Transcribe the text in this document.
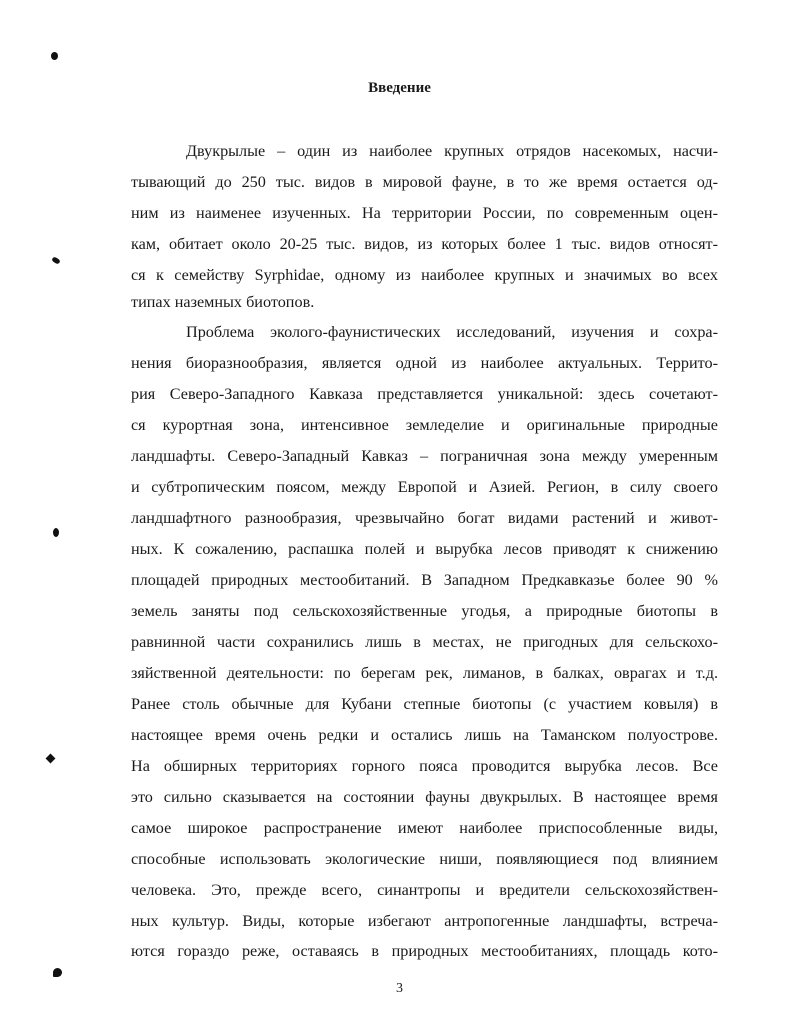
Введение
Двукрылые – один из наиболее крупных отрядов насекомых, насчи-
тывающий до 250 тыс. видов в мировой фауне, в то же время остается од-
ним из наименее изученных. На территории России, по современным оцен-
кам, обитает около 20-25 тыс. видов, из которых более 1 тыс. видов относят-
ся к семейству Syrphidae, одному из наиболее крупных и значимых во всех
типах наземных биотопов.
Проблема эколого-фаунистических исследований, изучения и сохра-
нения биоразнообразия, является одной из наиболее актуальных. Террито-
рия Северо-Западного Кавказа представляется уникальной: здесь сочетают-
ся курортная зона, интенсивное земледелие и оригинальные природные
ландшафты. Северо-Западный Кавказ – пограничная зона между умеренным
и субтропическим поясом, между Европой и Азией. Регион, в силу своего
ландшафтного разнообразия, чрезвычайно богат видами растений и живот-
ных. К сожалению, распашка полей и вырубка лесов приводят к снижению
площадей природных местообитаний. В Западном Предкавказье более 90 %
земель заняты под сельскохозяйственные угодья, а природные биотопы в
равнинной части сохранились лишь в местах, не пригодных для сельскохо-
зяйственной деятельности: по берегам рек, лиманов, в балках, оврагах и т.д.
Ранее столь обычные для Кубани степные биотопы (с участием ковыля) в
настоящее время очень редки и остались лишь на Таманском полуострове.
На обширных территориях горного пояса проводится вырубка лесов. Все
это сильно сказывается на состоянии фауны двукрылых. В настоящее время
самое широкое распространение имеют наиболее приспособленные виды,
способные использовать экологические ниши, появляющиеся под влиянием
человека. Это, прежде всего, синантропы и вредители сельскохозяйствен-
ных культур. Виды, которые избегают антропогенные ландшафты, встреча-
ются гораздо реже, оставаясь в природных местообитаниях, площадь кото-
3
